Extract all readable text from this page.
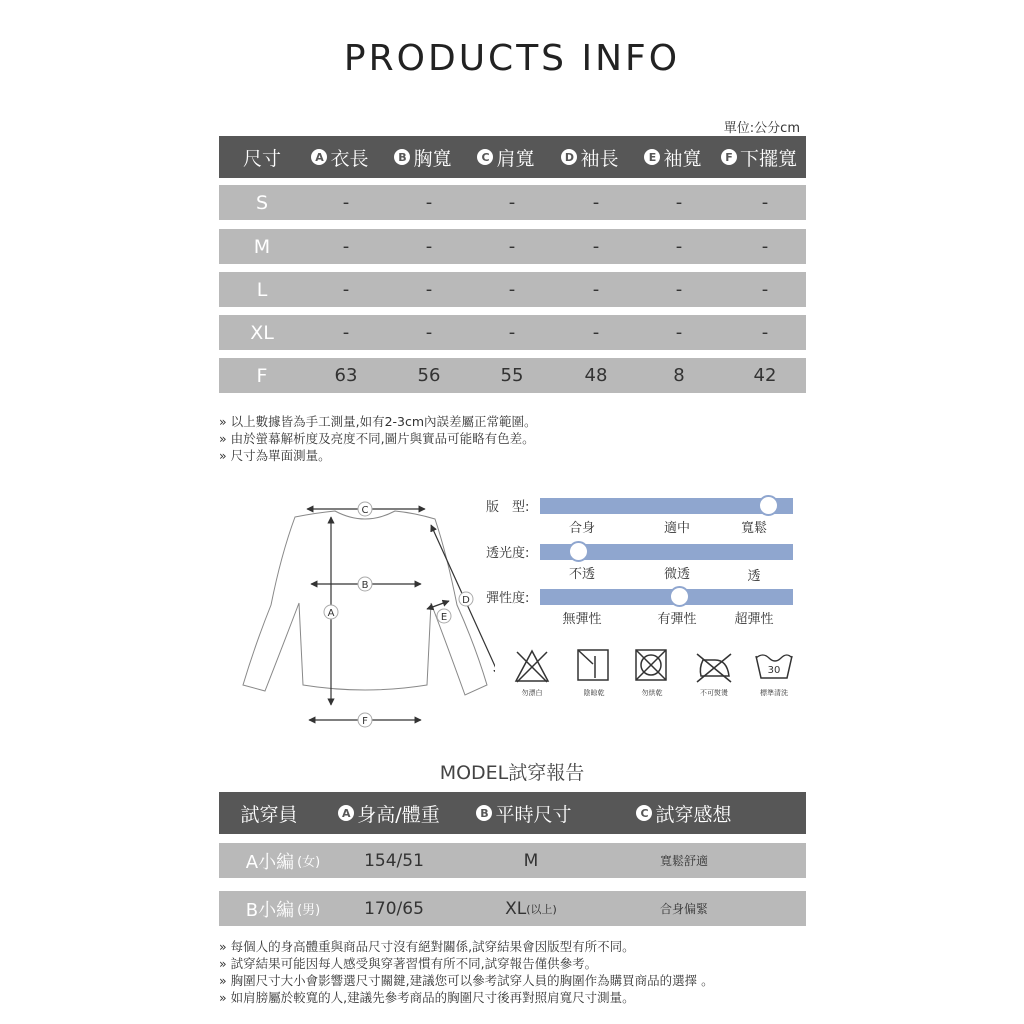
PRODUCTS INFO
單位:公分cm
尺寸	A 衣長	B 胸寬	C 肩寬	D 袖長	E 袖寬	F 下擺寬
S	-	-	-	-	-	-
M	-	-	-	-	-	-
L	-	-	-	-	-	-
XL	-	-	-	-	-	-
F	63	56	55	48	8	42
» 以上數據皆為手工測量,如有2-3cm內誤差屬正常範圍。
» 由於螢幕解析度及亮度不同,圖片與實品可能略有色差。
» 尺寸為單面測量。
C
B
A
D
E
F
版　型:
合身	適中	寬鬆
透光度:
不透	微透	透
彈性度:
無彈性	有彈性	超彈性
30
勿漂白	陰晾乾	勿烘乾	不可熨燙	標準清洗
MODEL試穿報告
試穿員	A 身高/體重	B 平時尺寸	C 試穿感想
A小編 (女)	154/51	M	寬鬆舒適
B小編 (男)	170/65	XL (以上)	合身偏緊
» 每個人的身高體重與商品尺寸沒有絕對關係,試穿結果會因版型有所不同。
» 試穿結果可能因每人感受與穿著習慣有所不同,試穿報告僅供參考。
» 胸圍尺寸大小會影響選尺寸關鍵,建議您可以參考試穿人員的胸圍作為購買商品的選擇 。
» 如肩膀屬於較寬的人,建議先參考商品的胸圍尺寸後再對照肩寬尺寸測量。
